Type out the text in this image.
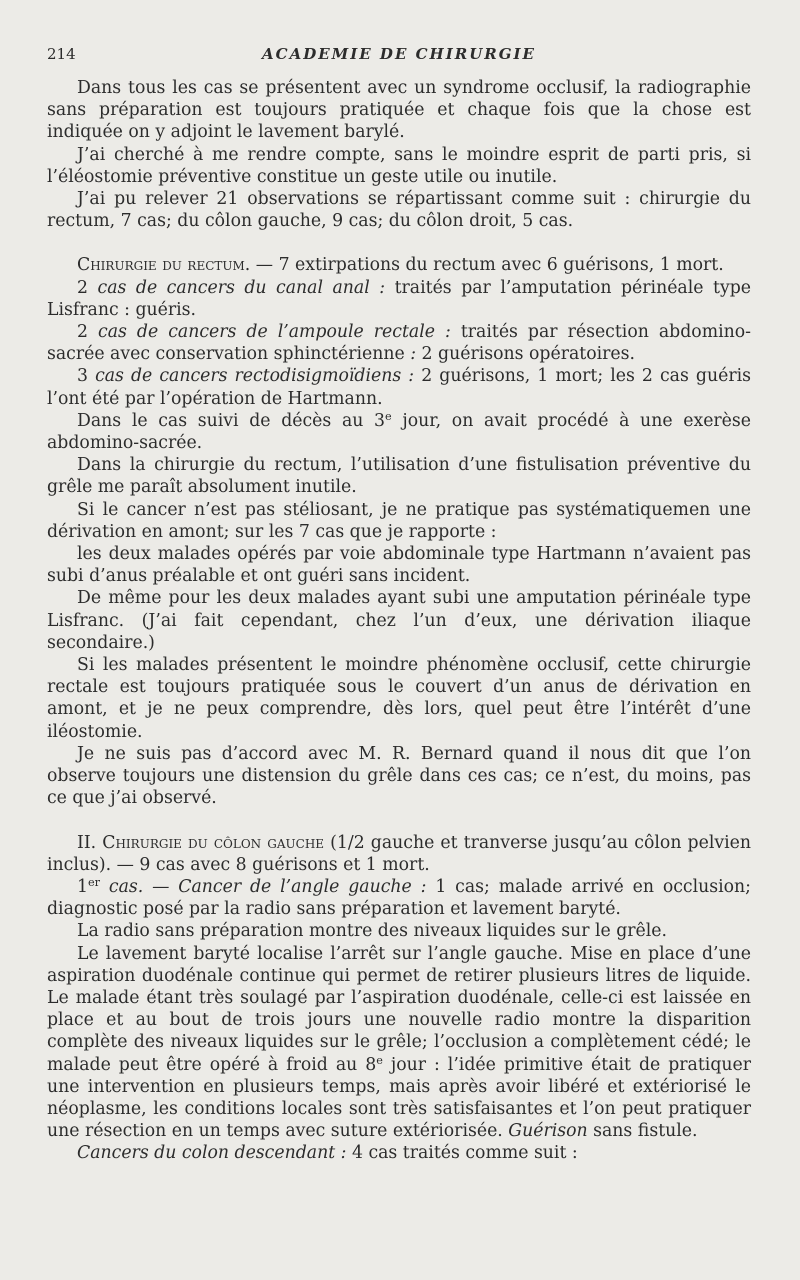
214	ACADEMIE DE CHIRURGIE

Dans tous les cas se présentent avec un syndrome occlusif, la radiographie sans préparation est toujours pratiquée et chaque fois que la chose est indiquée on y adjoint le lavement barylé.

J’ai cherché à me rendre compte, sans le moindre esprit de parti pris, si l’éléostomie préventive constitue un geste utile ou inutile.

J’ai pu relever 21 observations se répartissant comme suit : chirurgie du rectum, 7 cas; du côlon gauche, 9 cas; du côlon droit, 5 cas.

Chirurgie du rectum. — 7 extirpations du rectum avec 6 guérisons, 1 mort.

2 cas de cancers du canal anal : traités par l’amputation périnéale type Lisfranc : guéris.

2 cas de cancers de l’ampoule rectale : traités par résection abdomino-sacrée avec conservation sphinctérienne : 2 guérisons opératoires.

3 cas de cancers rectodisigmoïdiens : 2 guérisons, 1 mort; les 2 cas guéris l’ont été par l’opération de Hartmann.

Dans le cas suivi de décès au 3e jour, on avait procédé à une exerèse abdomino-sacrée.

Dans la chirurgie du rectum, l’utilisation d’une fistulisation préventive du grêle me paraît absolument inutile.

Si le cancer n’est pas stéliosant, je ne pratique pas systématiquemen une dérivation en amont; sur les 7 cas que je rapporte :

les deux malades opérés par voie abdominale type Hartmann n’avaient pas subi d’anus préalable et ont guéri sans incident.

De même pour les deux malades ayant subi une amputation périnéale type Lisfranc. (J’ai fait cependant, chez l’un d’eux, une dérivation iliaque secondaire.)

Si les malades présentent le moindre phénomène occlusif, cette chirurgie rectale est toujours pratiquée sous le couvert d’un anus de dérivation en amont, et je ne peux comprendre, dès lors, quel peut être l’intérêt d’une iléostomie.

Je ne suis pas d’accord avec M. R. Bernard quand il nous dit que l’on observe toujours une distension du grêle dans ces cas; ce n’est, du moins, pas ce que j’ai observé.

II. Chirurgie du côlon gauche (1/2 gauche et tranverse jusqu’au côlon pelvien inclus). — 9 cas avec 8 guérisons et 1 mort.

1er cas. — Cancer de l’angle gauche : 1 cas; malade arrivé en occlusion; diagnostic posé par la radio sans préparation et lavement baryté.

La radio sans préparation montre des niveaux liquides sur le grêle.

Le lavement baryté localise l’arrêt sur l’angle gauche. Mise en place d’une aspiration duodénale continue qui permet de retirer plusieurs litres de liquide. Le malade étant très soulagé par l’aspiration duodénale, celle-ci est laissée en place et au bout de trois jours une nouvelle radio montre la disparition complète des niveaux liquides sur le grêle; l’occlusion a complètement cédé; le malade peut être opéré à froid au 8e jour : l’idée primitive était de pratiquer une intervention en plusieurs temps, mais après avoir libéré et extériorisé le néoplasme, les conditions locales sont très satisfaisantes et l’on peut pratiquer une résection en un temps avec suture extériorisée. Guérison sans fistule.

Cancers du colon descendant : 4 cas traités comme suit :
